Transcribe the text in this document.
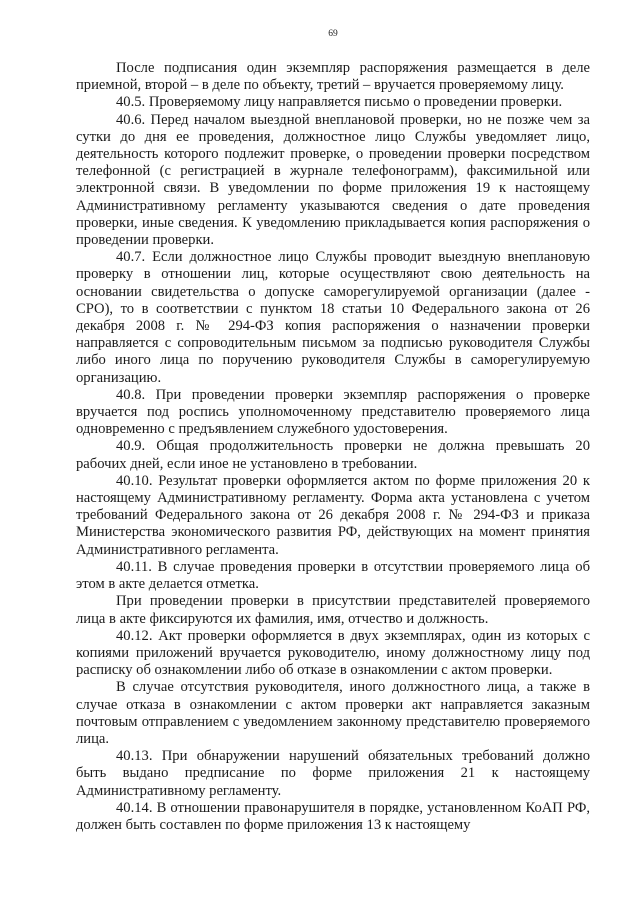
69

После подписания один экземпляр распоряжения размещается в деле приемной, второй – в деле по объекту, третий – вручается проверяемому лицу.

40.5. Проверяемому лицу направляется письмо о проведении проверки.

40.6. Перед началом выездной внеплановой проверки, но не позже чем за сутки до дня ее проведения, должностное лицо Службы уведомляет лицо, деятельность которого подлежит проверке, о проведении проверки посредством телефонной (с регистрацией в журнале телефонограмм), факсимильной или электронной связи. В уведомлении по форме приложения 19 к настоящему Административному регламенту указываются сведения о дате проведения проверки, иные сведения. К уведомлению прикладывается копия распоряжения о проведении проверки.

40.7. Если должностное лицо Службы проводит выездную внеплановую проверку в отношении лиц, которые осуществляют свою деятельность на основании свидетельства о допуске саморегулируемой организации (далее - СРО), то в соответствии с пунктом 18 статьи 10 Федерального закона от 26 декабря 2008 г. № 294-ФЗ копия распоряжения о назначении проверки направляется с сопроводительным письмом за подписью руководителя Службы либо иного лица по поручению руководителя Службы в саморегулируемую организацию.

40.8. При проведении проверки экземпляр распоряжения о проверке вручается под роспись уполномоченному представителю проверяемого лица одновременно с предъявлением служебного удостоверения.

40.9. Общая продолжительность проверки не должна превышать 20 рабочих дней, если иное не установлено в требовании.

40.10. Результат проверки оформляется актом по форме приложения 20 к настоящему Административному регламенту. Форма акта установлена с учетом требований Федерального закона от 26 декабря 2008 г. № 294-ФЗ и приказа Министерства экономического развития РФ, действующих на момент принятия Административного регламента.

40.11. В случае проведения проверки в отсутствии проверяемого лица об этом в акте делается отметка.

При проведении проверки в присутствии представителей проверяемого лица в акте фиксируются их фамилия, имя, отчество и должность.

40.12. Акт проверки оформляется в двух экземплярах, один из которых с копиями приложений вручается руководителю, иному должностному лицу под расписку об ознакомлении либо об отказе в ознакомлении с актом проверки.

В случае отсутствия руководителя, иного должностного лица, а также в случае отказа в ознакомлении с актом проверки акт направляется заказным почтовым отправлением с уведомлением законному представителю проверяемого лица.

40.13. При обнаружении нарушений обязательных требований должно быть выдано предписание по форме приложения 21 к настоящему Административному регламенту.

40.14. В отношении правонарушителя в порядке, установленном КоАП РФ, должен быть составлен по форме приложения 13 к настоящему
